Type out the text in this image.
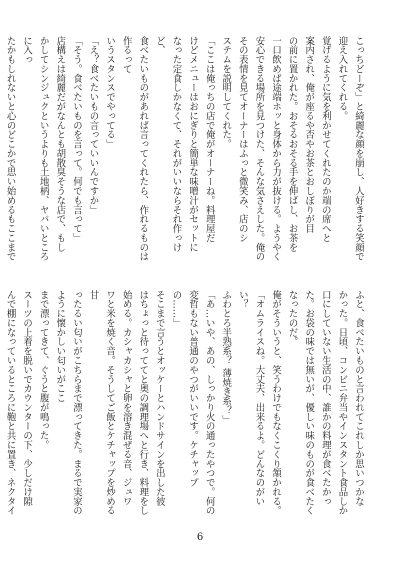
こっちどーぞ」と綺麗な顔を崩し、人好きする笑顔で
迎え入れてくれる。
覚げるように気を利かせてくれたのか端の席へと
案内され、俺が座るや否やお茶とおしぼりが目
の前に置かれた。おそるおそる手を伸ばし、お茶を
一口飲めば途端ホッと身体から力が抜ける。ようやく
安心できる場所を見つけた、そんな気さえした。俺の
その表情を見てオーナーはふっと微笑み、店のシ
ステムを説明してくれた。
「ここは俺っちの店で俺がオーナーね。料理屋だ
けどメニューはおにぎりと簡単な味噌汁がセットに
なった定食しかなくて、それがいいならそれ作っけど、
食べたいものがあれば言ってくれたら、作れるものは作るって
いうスタンスでやってる」
「え？食べたいもの言っていいんですか」
「そう。食べたいものを言って。何でも言って」
店構えは綺麗だがなんとも胡散臭そうな店で、もし
かしてシンジュクというよりも土地柄、ヤバいところに入っ
たかもしれないと心のどこかで思い始めるもここまで
ふと、食べたいものと言われてこれしか思いつかな
かった。日頃、コンビニ弁当やインスタント食品しか
口にしていない生活の中、誰かの料理が食べたかっ
た。お袋の味では無いが、優しい味のものが食べたく
なったのだ。
俺がそういうと、笑うわけでもなくこくり頷かれる。
「オムライスね。大丈夫、出来るよ。どんなのがいい？
ふわとろ半熟系？ 薄焼き系？」
「あ…いや、あの、しっかり火の通ったやつで。何の
変哲もない普通のやつがいいです。ケチャップの……」
そこまで言うとオッケーとハンドサインを出した彼
はちょっと待っててと奥の調理場へと行き、料理をし
始める。カシャカシャと卵を溶き混ぜる音、ジュワ
ワと米を焼く音。そうしてご飯とケチャップを炒める甘
ったるい匂いがこちらまで漂ってきた。まるで実家のように懐かしい匂いがここ
まで漂ってきて、ぐうと腹が鳴った。
スーツの上着を脱いでカウンターの下、少しだけ隙
んで棚になっているところに鞄と共に置き、ネクタイ
6
